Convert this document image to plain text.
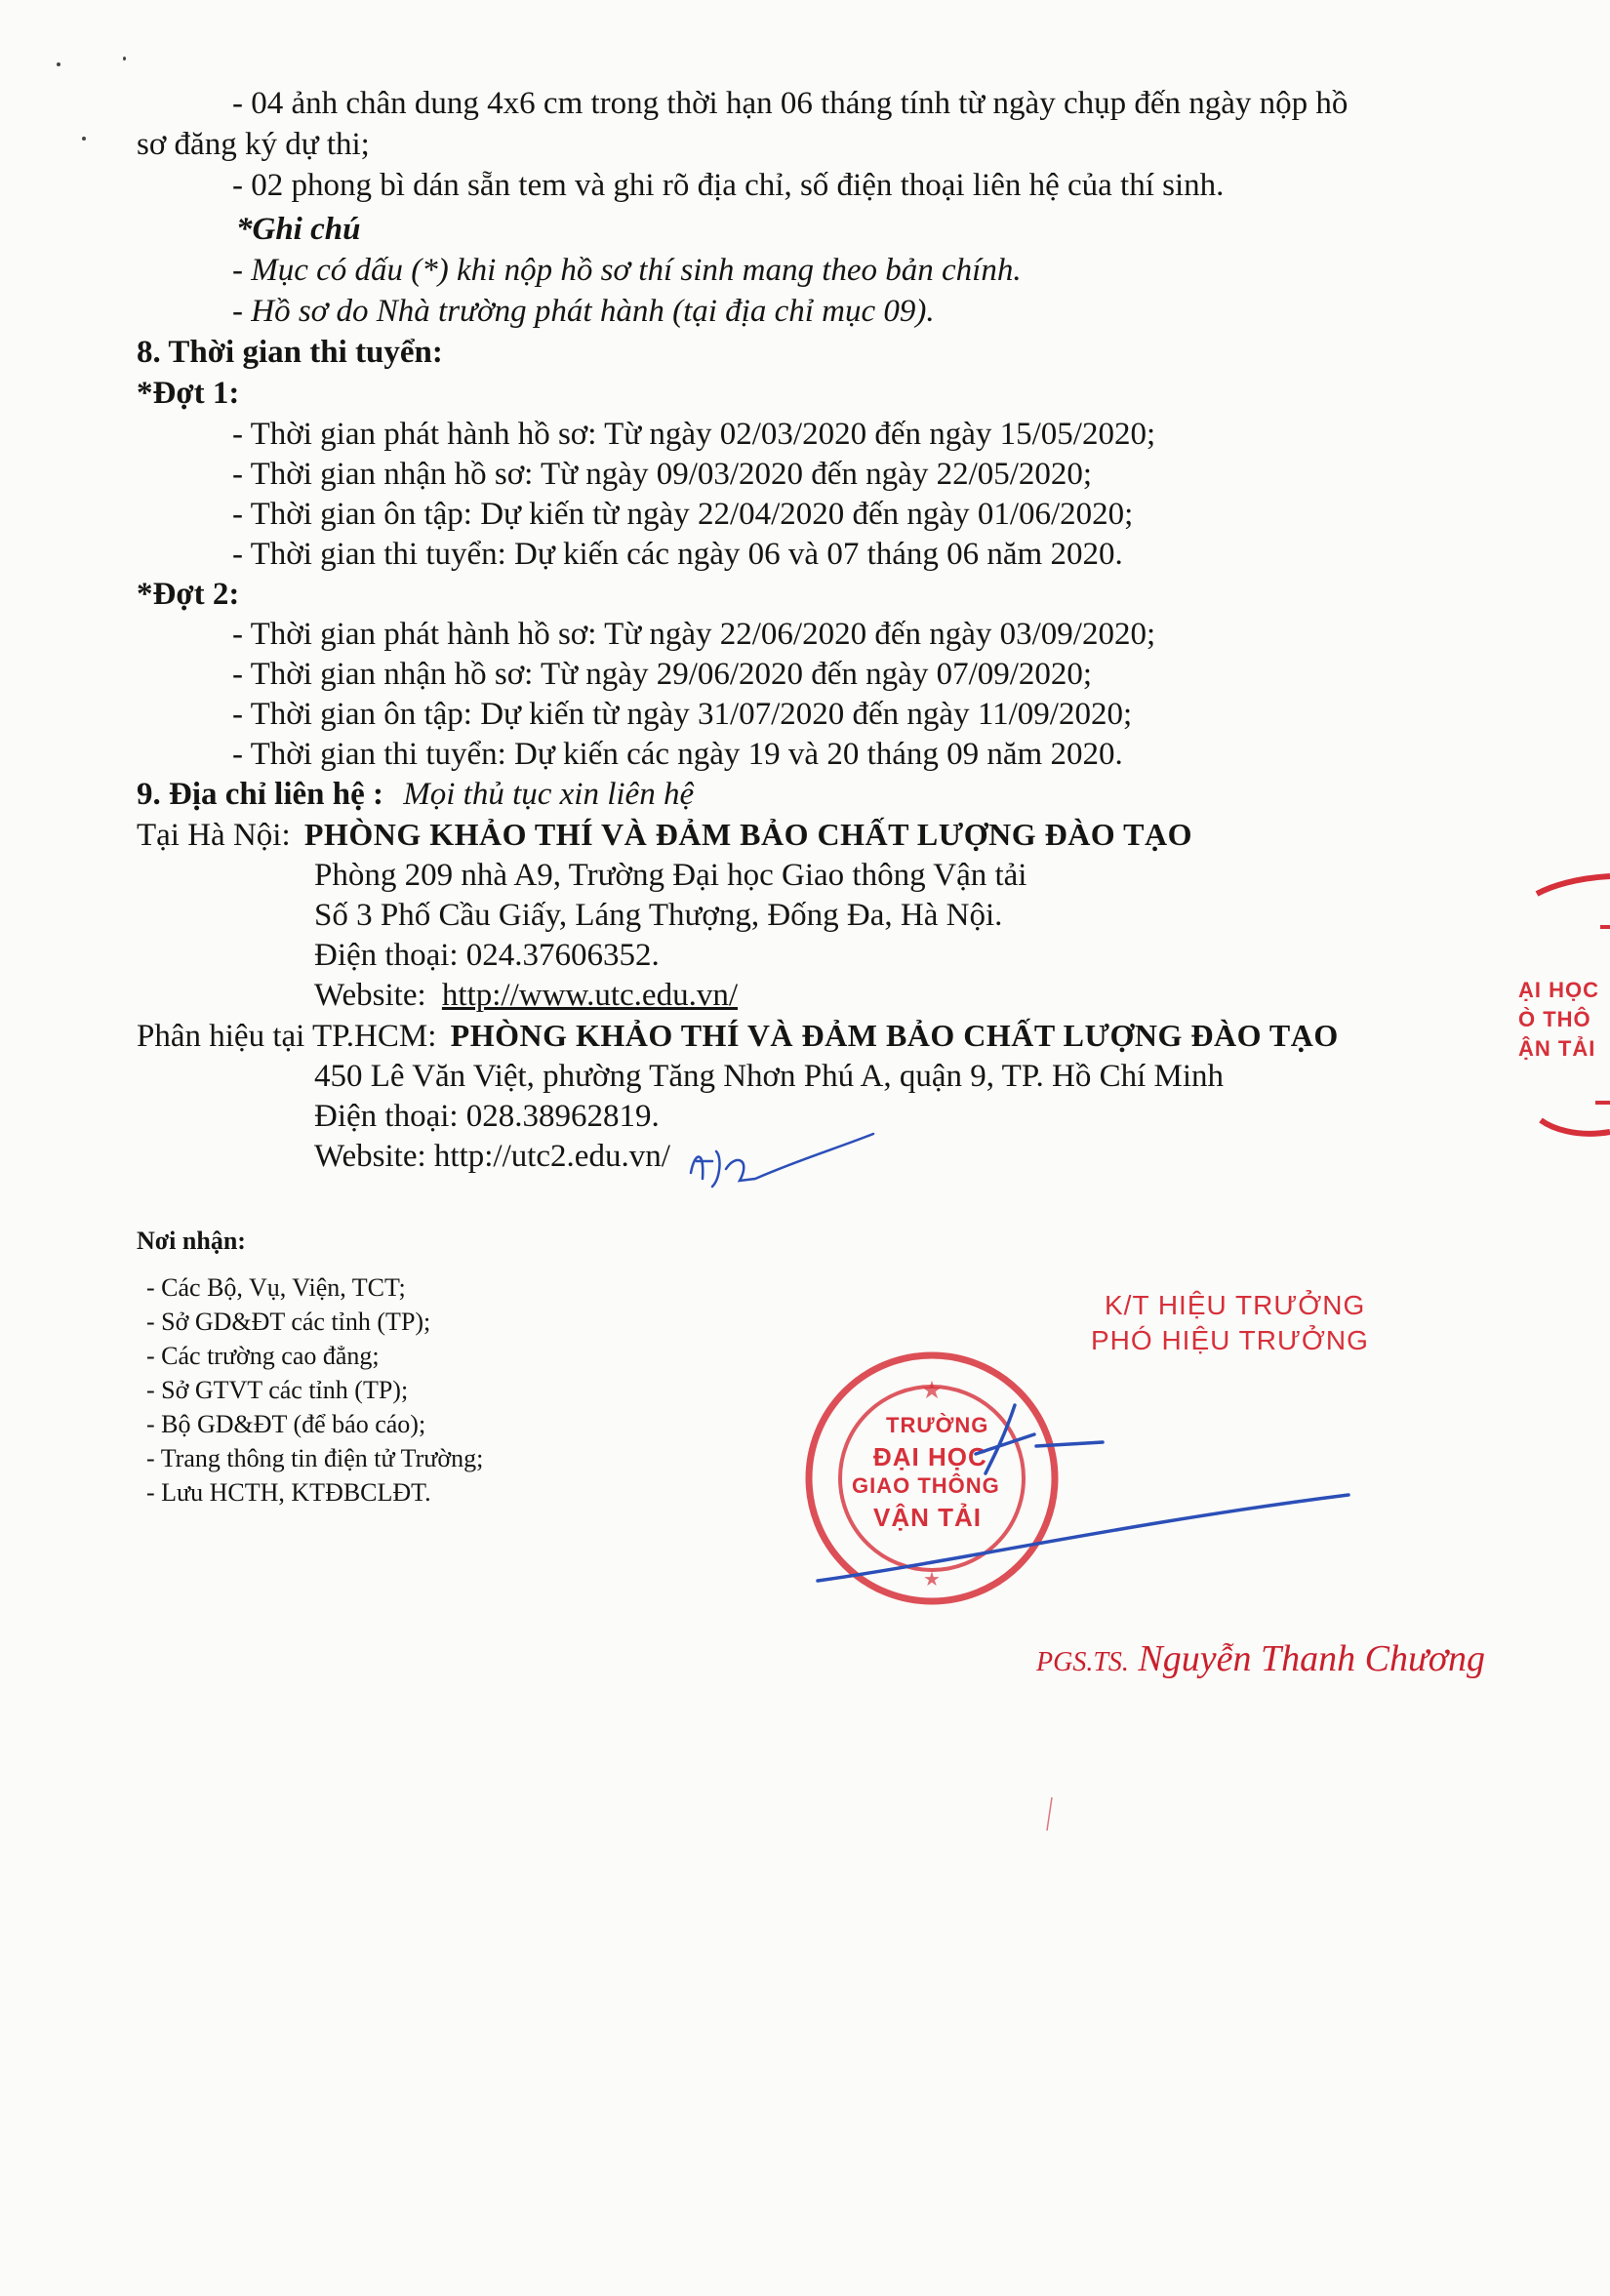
- 04 ảnh chân dung 4x6 cm trong thời hạn 06 tháng tính từ ngày chụp đến ngày nộp hồ
sơ đăng ký dự thi;
- 02 phong bì dán sẵn tem và ghi rõ địa chỉ, số điện thoại liên hệ của thí sinh.
*Ghi chú
- Mục có dấu (*) khi nộp hồ sơ thí sinh mang theo bản chính.
- Hồ sơ do Nhà trường phát hành (tại địa chỉ mục 09).
8. Thời gian thi tuyển:
*Đợt 1:
- Thời gian phát hành hồ sơ: Từ ngày 02/03/2020 đến ngày 15/05/2020;
- Thời gian nhận hồ sơ: Từ ngày 09/03/2020 đến ngày 22/05/2020;
- Thời gian ôn tập: Dự kiến từ ngày 22/04/2020 đến ngày 01/06/2020;
- Thời gian thi tuyển: Dự kiến các ngày 06 và 07 tháng 06 năm 2020.
*Đợt 2:
- Thời gian phát hành hồ sơ: Từ ngày 22/06/2020 đến ngày 03/09/2020;
- Thời gian nhận hồ sơ: Từ ngày 29/06/2020 đến ngày 07/09/2020;
- Thời gian ôn tập: Dự kiến từ ngày 31/07/2020 đến ngày 11/09/2020;
- Thời gian thi tuyển: Dự kiến các ngày 19 và 20 tháng 09 năm 2020.
9. Địa chỉ liên hệ : Mọi thủ tục xin liên hệ
Tại Hà Nội: PHÒNG KHẢO THÍ VÀ ĐẢM BẢO CHẤT LƯỢNG ĐÀO TẠO
Phòng 209 nhà A9, Trường Đại học Giao thông Vận tải
Số 3 Phố Cầu Giấy, Láng Thượng, Đống Đa, Hà Nội.
Điện thoại: 024.37606352.
Website: http://www.utc.edu.vn/
Phân hiệu tại TP.HCM: PHÒNG KHẢO THÍ VÀ ĐẢM BẢO CHẤT LƯỢNG ĐÀO TẠO
450 Lê Văn Việt, phường Tăng Nhơn Phú A, quận 9, TP. Hồ Chí Minh
Điện thoại: 028.38962819.
Website: http://utc2.edu.vn/
Nơi nhận:
- Các Bộ, Vụ, Viện, TCT;
- Sở GD&ĐT các tỉnh (TP);
- Các trường cao đẳng;
- Sở GTVT các tỉnh (TP);
- Bộ GD&ĐT (để báo cáo);
- Trang thông tin điện tử Trường;
- Lưu HCTH, KTĐBCLĐT.
K/T HIỆU TRƯỞNG
PHÓ HIỆU TRƯỞNG
★
★
TRƯỜNG
ĐẠI HỌC
GIAO THÔNG
VẬN TẢI
ẠI HỌC Ò THÔ ẬN TẢI
PGS.TS. Nguyễn Thanh Chương
